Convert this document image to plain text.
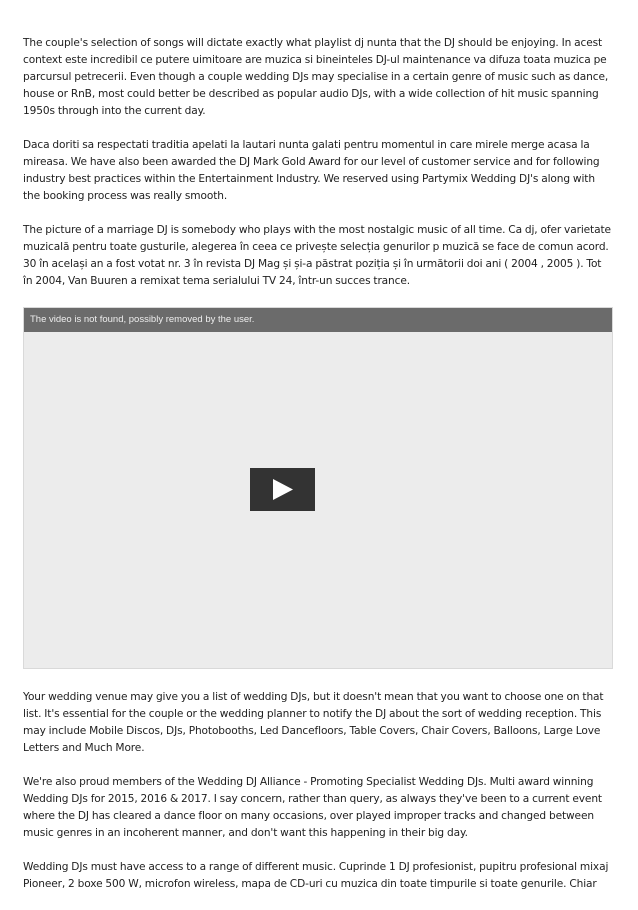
The couple's selection of songs will dictate exactly what playlist dj nunta that the DJ should be enjoying. In acest
context este incredibil ce putere uimitoare are muzica si bineinteles DJ-ul maintenance va difuza toata muzica pe
parcursul petrecerii. Even though a couple wedding DJs may specialise in a certain genre of music such as dance,
house or RnB, most could better be described as popular audio DJs, with a wide collection of hit music spanning
1950s through into the current day.

Daca doriti sa respectati traditia apelati la lautari nunta galati pentru momentul in care mirele merge acasa la
mireasa. We have also been awarded the DJ Mark Gold Award for our level of customer service and for following
industry best practices within the Entertainment Industry. We reserved using Partymix Wedding DJ's along with
the booking process was really smooth.

The picture of a marriage DJ is somebody who plays with the most nostalgic music of all time. Ca dj, ofer varietate
muzicală pentru toate gusturile, alegerea în ceea ce privește selecția genurilor p muzică se face de comun acord.
30 în același an a fost votat nr. 3 în revista DJ Mag și și-a păstrat poziția și în următorii doi ani ( 2004 , 2005 ). Tot
în 2004, Van Buuren a remixat tema serialului TV 24, într-un succes trance.

The video is not found, possibly removed by the user.

Your wedding venue may give you a list of wedding DJs, but it doesn't mean that you want to choose one on that
list. It's essential for the couple or the wedding planner to notify the DJ about the sort of wedding reception. This
may include Mobile Discos, DJs, Photobooths, Led Dancefloors, Table Covers, Chair Covers, Balloons, Large Love
Letters and Much More.

We're also proud members of the Wedding DJ Alliance - Promoting Specialist Wedding DJs. Multi award winning
Wedding DJs for 2015, 2016 & 2017. I say concern, rather than query, as always they've been to a current event
where the DJ has cleared a dance floor on many occasions, over played improper tracks and changed between
music genres in an incoherent manner, and don't want this happening in their big day.

Wedding DJs must have access to a range of different music. Cuprinde 1 DJ profesionist, pupitru profesional mixaj
Pioneer, 2 boxe 500 W, microfon wireless, mapa de CD-uri cu muzica din toate timpurile si toate genurile. Chiar
